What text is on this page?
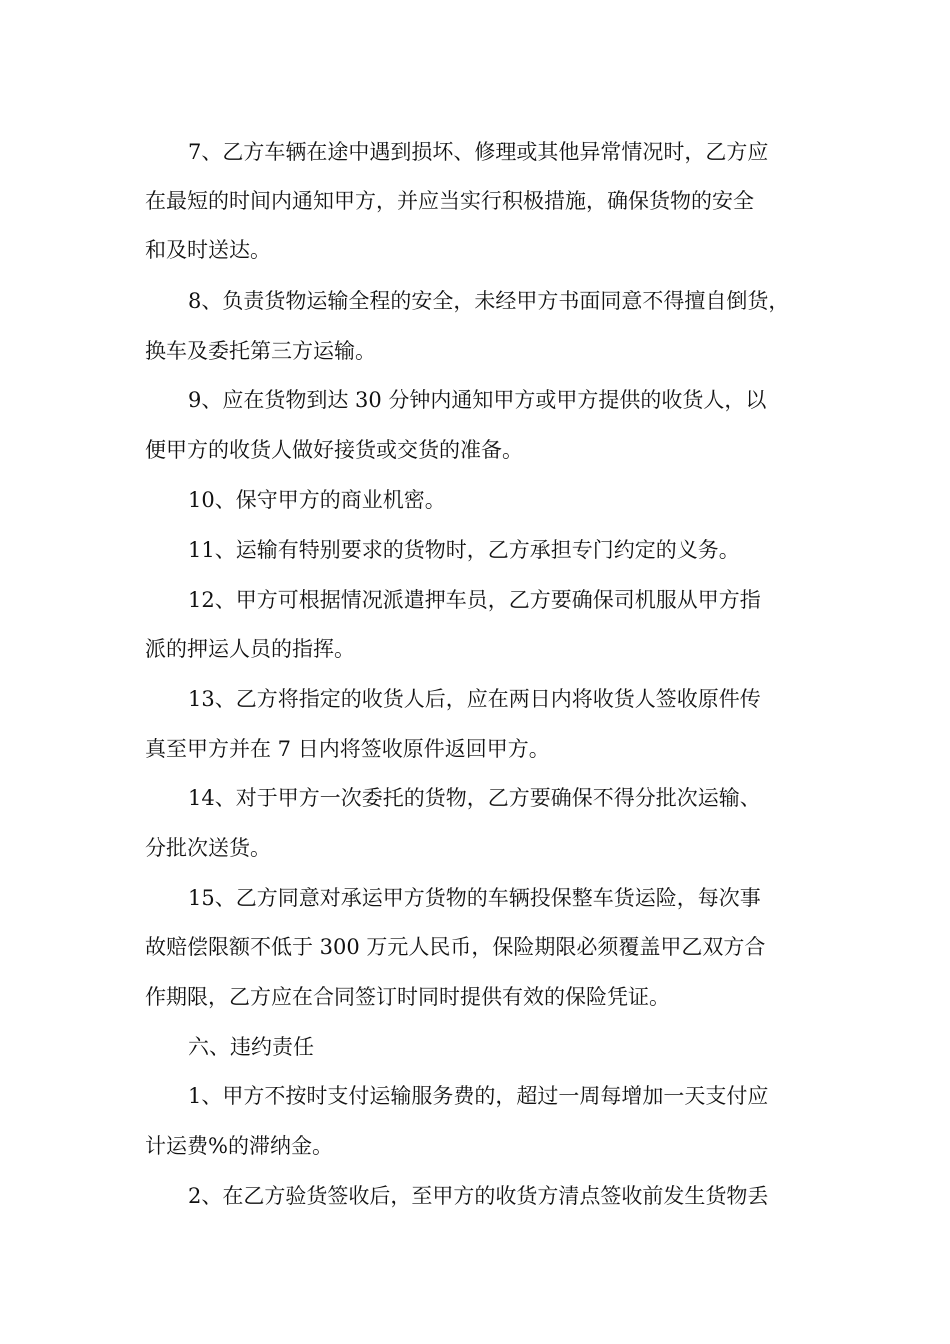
7、乙方车辆在途中遇到损坏、修理或其他异常情况时，乙方应
在最短的时间内通知甲方，并应当实行积极措施，确保货物的安全
和及时送达。
8、负责货物运输全程的安全，未经甲方书面同意不得擅自倒货，
换车及委托第三方运输。
9、应在货物到达 30 分钟内通知甲方或甲方提供的收货人，以
便甲方的收货人做好接货或交货的准备。
10、保守甲方的商业机密。
11、运输有特别要求的货物时，乙方承担专门约定的义务。
12、甲方可根据情况派遣押车员，乙方要确保司机服从甲方指
派的押运人员的指挥。
13、乙方将指定的收货人后，应在两日内将收货人签收原件传
真至甲方并在 7 日内将签收原件返回甲方。
14、对于甲方一次委托的货物，乙方要确保不得分批次运输、
分批次送货。
15、乙方同意对承运甲方货物的车辆投保整车货运险，每次事
故赔偿限额不低于 300 万元人民币，保险期限必须覆盖甲乙双方合
作期限，乙方应在合同签订时同时提供有效的保险凭证。
六、违约责任
1、甲方不按时支付运输服务费的，超过一周每增加一天支付应
计运费%的滞纳金。
2、在乙方验货签收后，至甲方的收货方清点签收前发生货物丢
